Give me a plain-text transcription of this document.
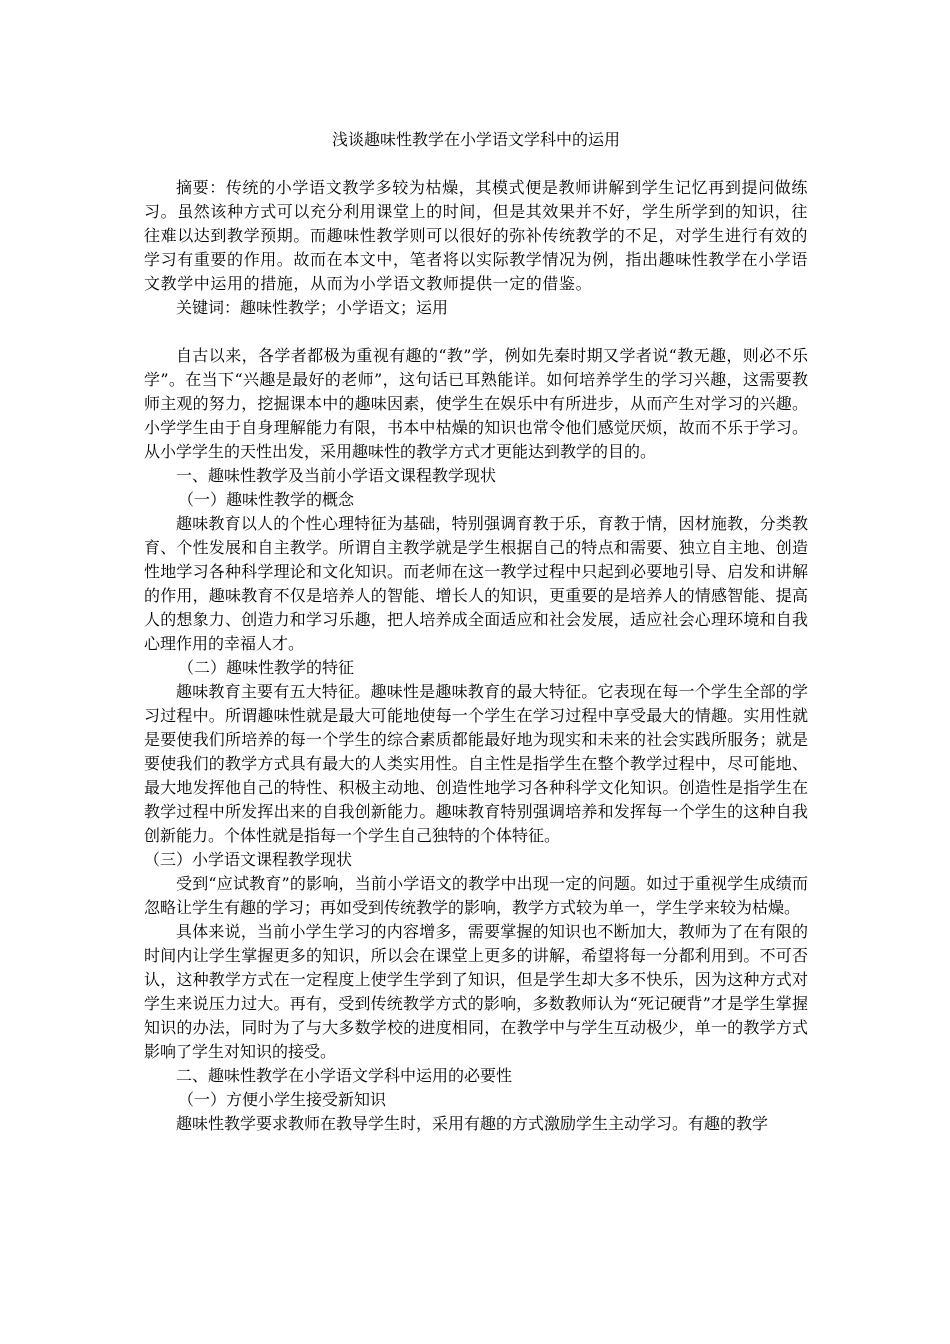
浅谈趣味性教学在小学语文学科中的运用

摘要：传统的小学语文教学多较为枯燥，其模式便是教师讲解到学生记忆再到提问做练习。虽然该种方式可以充分利用课堂上的时间，但是其效果并不好，学生所学到的知识，往往难以达到教学预期。而趣味性教学则可以很好的弥补传统教学的不足，对学生进行有效的学习有重要的作用。故而在本文中，笔者将以实际教学情况为例，指出趣味性教学在小学语文教学中运用的措施，从而为小学语文教师提供一定的借鉴。

关键词：趣味性教学；小学语文；运用

自古以来，各学者都极为重视有趣的“教”学，例如先秦时期又学者说“教无趣，则必不乐学”。在当下“兴趣是最好的老师”，这句话已耳熟能详。如何培养学生的学习兴趣，这需要教师主观的努力，挖掘课本中的趣味因素，使学生在娱乐中有所进步，从而产生对学习的兴趣。小学学生由于自身理解能力有限，书本中枯燥的知识也常令他们感觉厌烦，故而不乐于学习。从小学学生的天性出发，采用趣味性的教学方式才更能达到教学的目的。

一、趣味性教学及当前小学语文课程教学现状

（一）趣味性教学的概念

趣味教育以人的个性心理特征为基础，特别强调育教于乐，育教于情，因材施教，分类教育、个性发展和自主教学。所谓自主教学就是学生根据自己的特点和需要、独立自主地、创造性地学习各种科学理论和文化知识。而老师在这一教学过程中只起到必要地引导、启发和讲解的作用，趣味教育不仅是培养人的智能、增长人的知识，更重要的是培养人的情感智能、提高人的想象力、创造力和学习乐趣，把人培养成全面适应和社会发展，适应社会心理环境和自我心理作用的幸福人才。

（二）趣味性教学的特征

趣味教育主要有五大特征。趣味性是趣味教育的最大特征。它表现在每一个学生全部的学习过程中。所谓趣味性就是最大可能地使每一个学生在学习过程中享受最大的情趣。实用性就是要使我们所培养的每一个学生的综合素质都能最好地为现实和未来的社会实践所服务；就是要使我们的教学方式具有最大的人类实用性。自主性是指学生在整个教学过程中，尽可能地、最大地发挥他自己的特性、积极主动地、创造性地学习各种科学文化知识。创造性是指学生在教学过程中所发挥出来的自我创新能力。趣味教育特别强调培养和发挥每一个学生的这种自我创新能力。个体性就是指每一个学生自己独特的个体特征。

（三）小学语文课程教学现状

受到“应试教育”的影响，当前小学语文的教学中出现一定的问题。如过于重视学生成绩而忽略让学生有趣的学习；再如受到传统教学的影响，教学方式较为单一，学生学来较为枯燥。

具体来说，当前小学生学习的内容增多，需要掌握的知识也不断加大，教师为了在有限的时间内让学生掌握更多的知识，所以会在课堂上更多的讲解，希望将每一分都利用到。不可否认，这种教学方式在一定程度上使学生学到了知识，但是学生却大多不快乐，因为这种方式对学生来说压力过大。再有，受到传统教学方式的影响，多数教师认为“死记硬背”才是学生掌握知识的办法，同时为了与大多数学校的进度相同，在教学中与学生互动极少，单一的教学方式影响了学生对知识的接受。

二、趣味性教学在小学语文学科中运用的必要性

（一）方便小学生接受新知识

趣味性教学要求教师在教导学生时，采用有趣的方式激励学生主动学习。有趣的教学
